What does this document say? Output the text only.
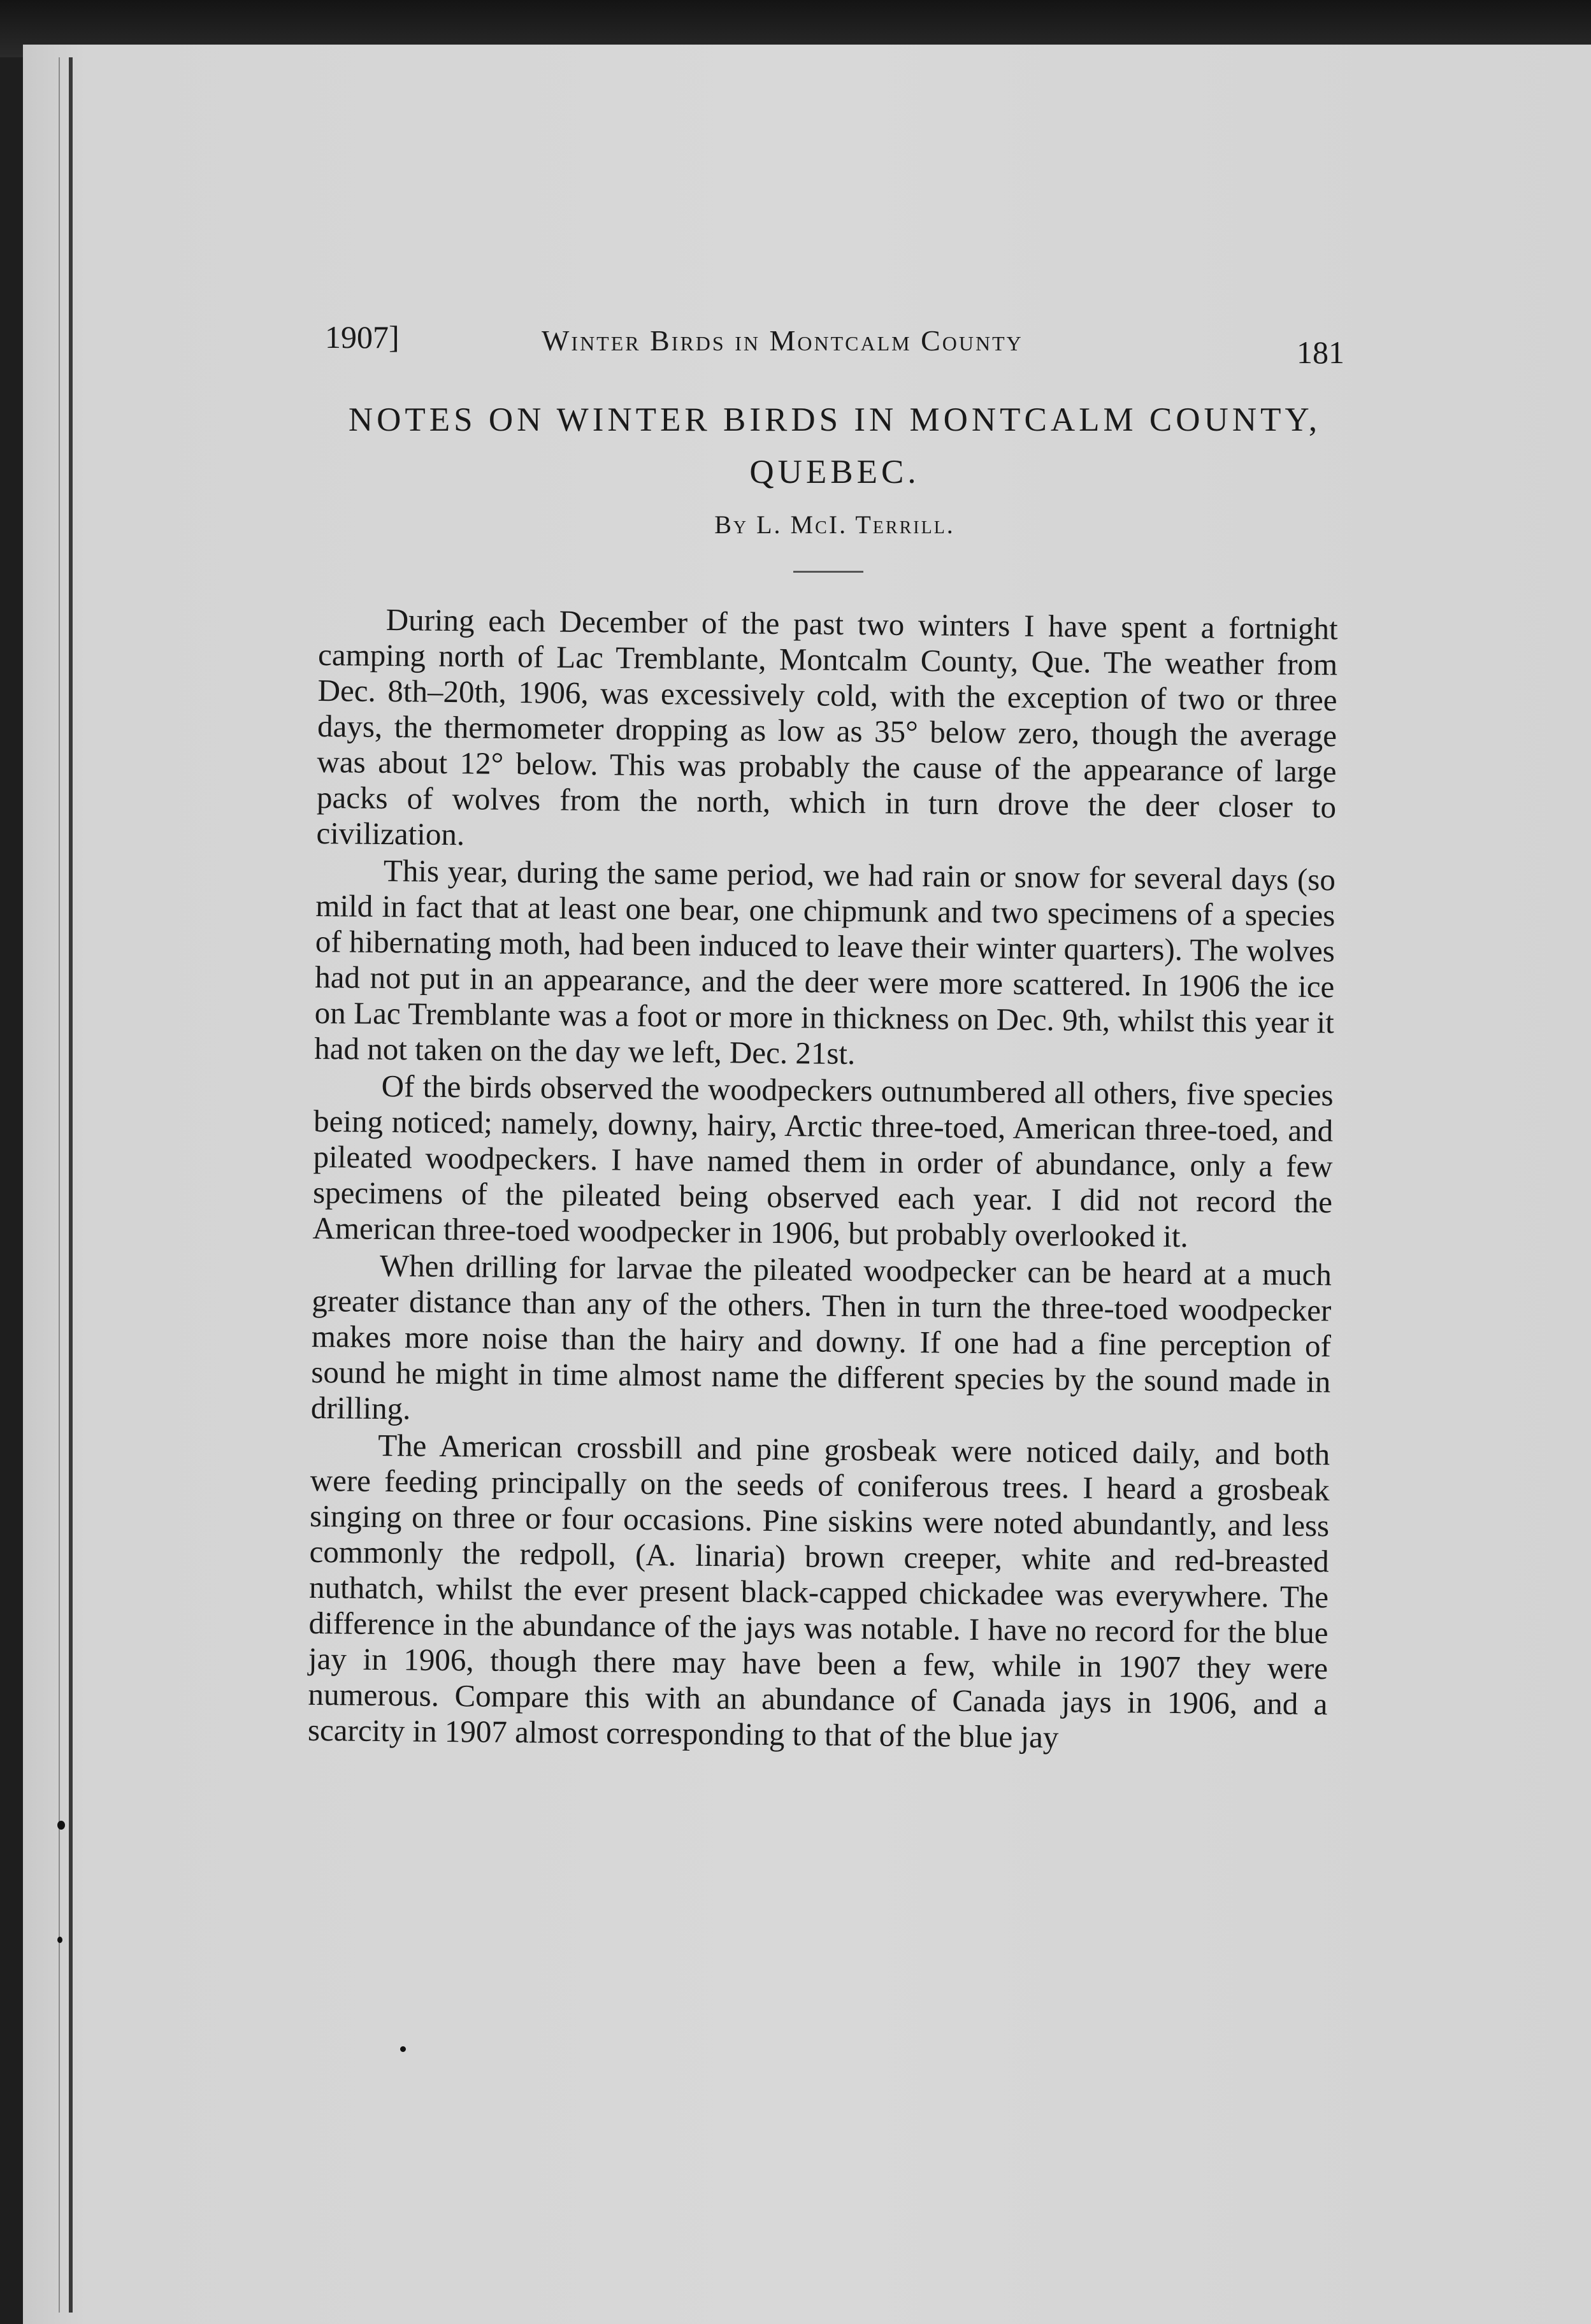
1907]	Winter Birds in Montcalm County	181
NOTES ON WINTER BIRDS IN MONTCALM COUNTY,
QUEBEC.
By L. McI. Terrill.

During each December of the past two winters I have spent a fortnight camping north of Lac Tremblante, Montcalm County, Que. The weather from Dec. 8th–20th, 1906, was excessively cold, with the exception of two or three days, the thermometer dropping as low as 35° below zero, though the average was about 12° below. This was probably the cause of the appearance of large packs of wolves from the north, which in turn drove the deer closer to civilization.

This year, during the same period, we had rain or snow for several days (so mild in fact that at least one bear, one chipmunk and two specimens of a species of hibernating moth, had been induced to leave their winter quarters). The wolves had not put in an appearance, and the deer were more scattered. In 1906 the ice on Lac Tremblante was a foot or more in thickness on Dec. 9th, whilst this year it had not taken on the day we left, Dec. 21st.

Of the birds observed the woodpeckers outnumbered all others, five species being noticed; namely, downy, hairy, Arctic three-toed, American three-toed, and pileated woodpeckers. I have named them in order of abundance, only a few specimens of the pileated being observed each year. I did not record the American three-toed woodpecker in 1906, but probably overlooked it.

When drilling for larvae the pileated woodpecker can be heard at a much greater distance than any of the others. Then in turn the three-toed woodpecker makes more noise than the hairy and downy. If one had a fine perception of sound he might in time almost name the different species by the sound made in drilling.

The American crossbill and pine grosbeak were noticed daily, and both were feeding principally on the seeds of coniferous trees. I heard a grosbeak singing on three or four occasions. Pine siskins were noted abundantly, and less commonly the redpoll, (A. linaria) brown creeper, white and red-breasted nuthatch, whilst the ever present black-capped chickadee was everywhere. The difference in the abundance of the jays was notable. I have no record for the blue jay in 1906, though there may have been a few, while in 1907 they were numerous. Compare this with an abundance of Canada jays in 1906, and a scarcity in 1907 almost corresponding to that of the blue jay
